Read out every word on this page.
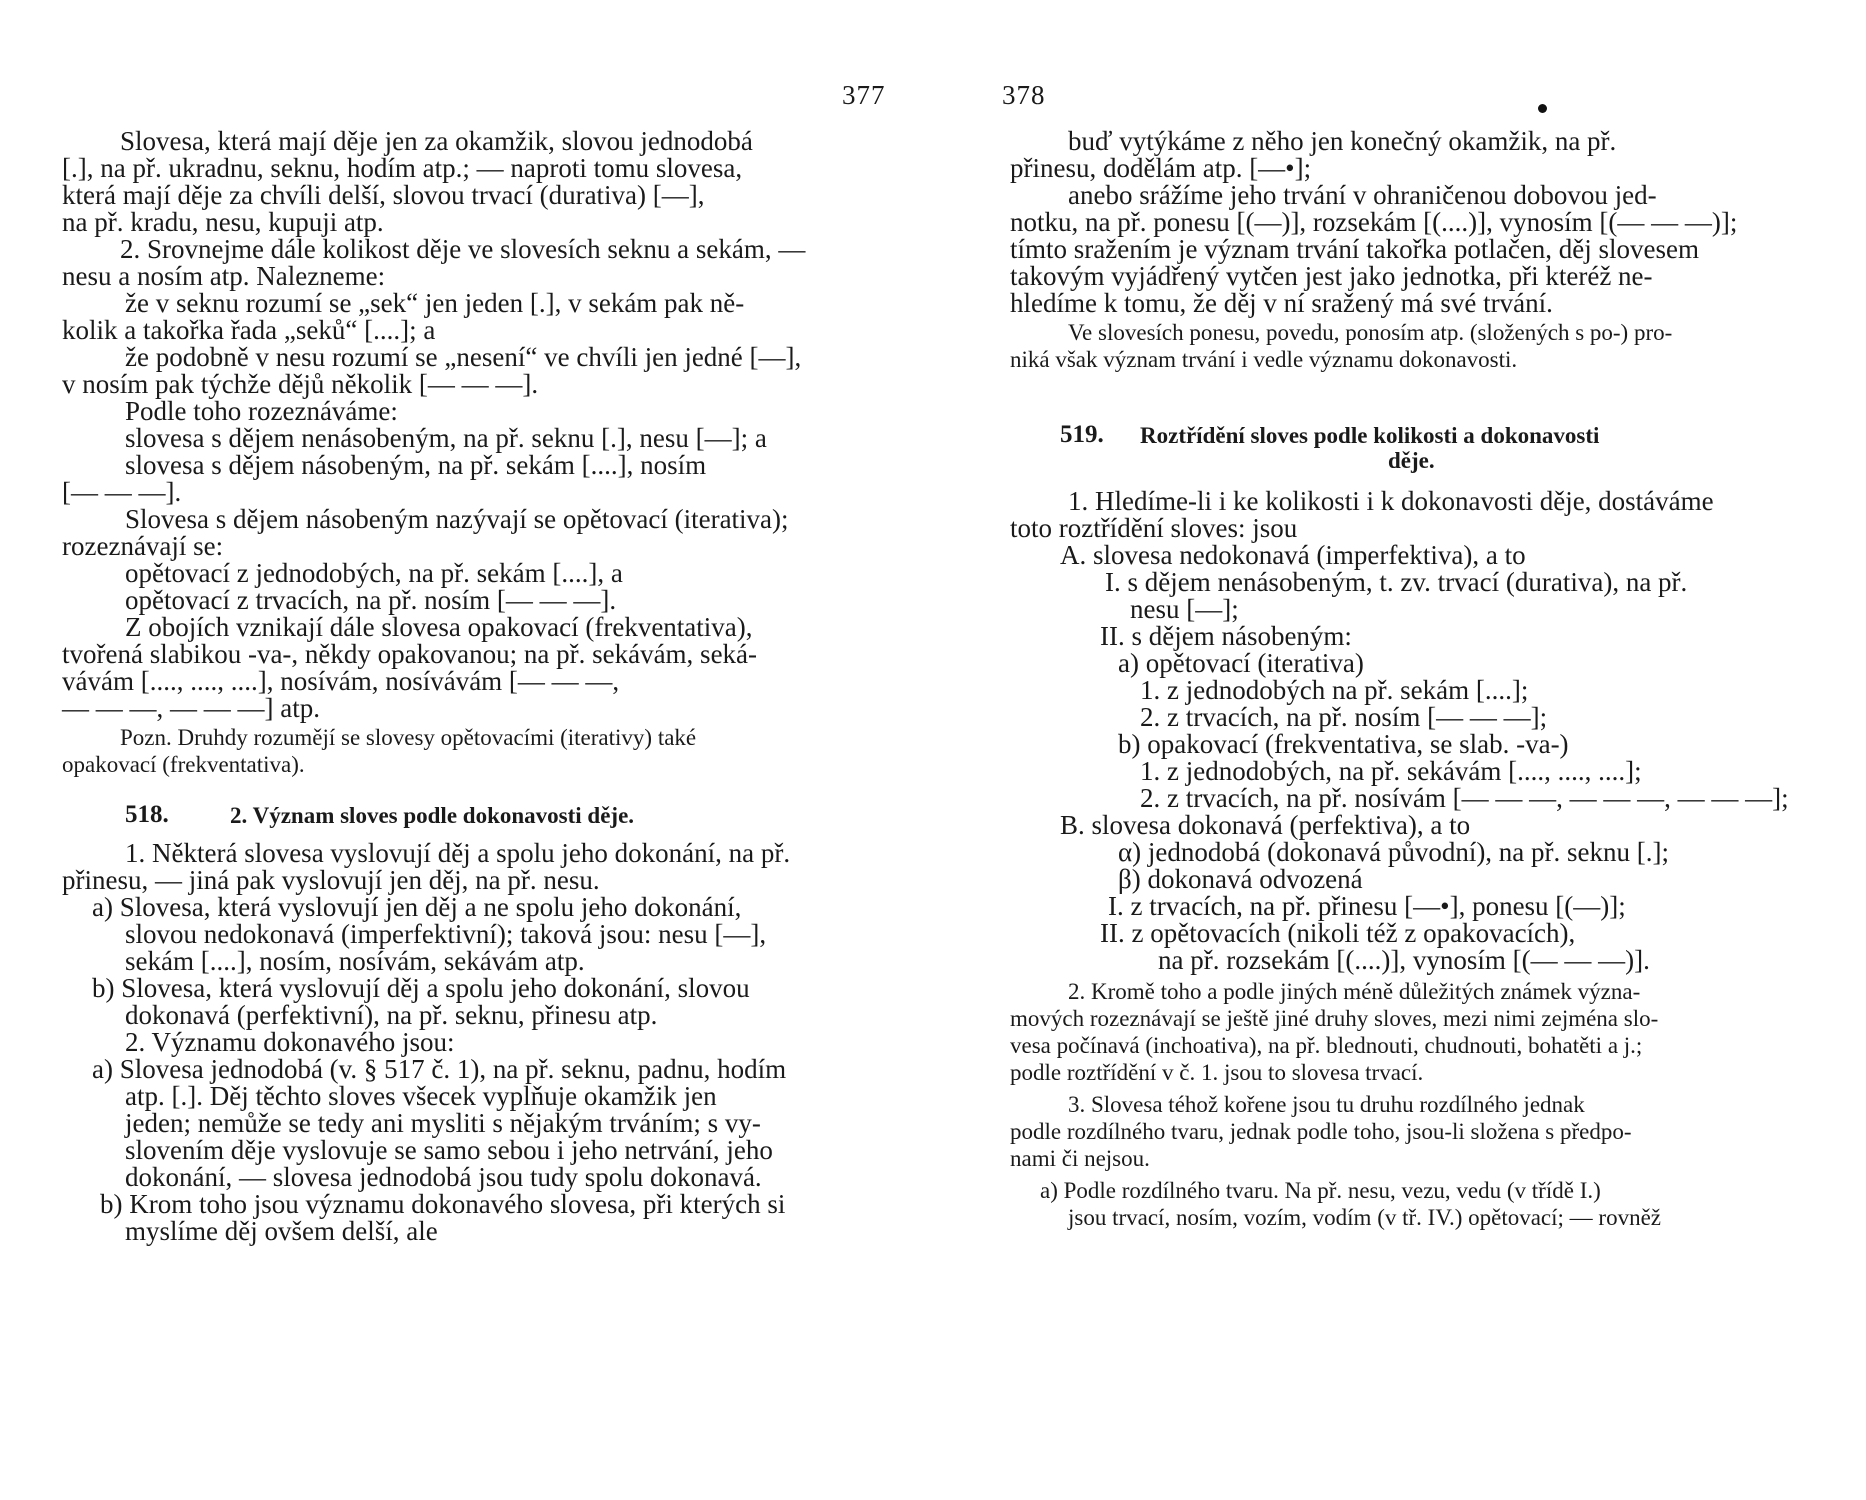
377
Slovesa, která mají děje jen za okamžik, slovou jednodobá
[.], na př. ukradnu, seknu, hodím atp.; — naproti tomu slovesa,
která mají děje za chvíli delší, slovou trvací (durativa) [—],
na př. kradu, nesu, kupuji atp.
2. Srovnejme dále kolikost děje ve slovesích seknu a sekám, —
nesu a nosím atp. Nalezneme:
že v seknu rozumí se „sek“ jen jeden [.], v sekám pak ně-
kolik a takořka řada „seků“ [....]; a
že podobně v nesu rozumí se „nesení“ ve chvíli jen jedné [—],
v nosím pak týchže dějů několik [— — —].
Podle toho rozeznáváme:
slovesa s dějem nenásobeným, na př. seknu [.], nesu [—]; a
slovesa s dějem násobeným, na př. sekám [....], nosím
[— — —].
Slovesa s dějem násobeným nazývají se opětovací (iterativa);
rozeznávají se:
opětovací z jednodobých, na př. sekám [....], a
opětovací z trvacích, na př. nosím [— — —].
Z obojích vznikají dále slovesa opakovací (frekventativa),
tvořená slabikou -va-, někdy opakovanou; na př. sekávám, seká-
vávám [...., ...., ....], nosívám, nosívávám [— — —,
— — —, — — —] atp.
Pozn. Druhdy rozumějí se slovesy opětovacími (iterativy) také
opakovací (frekventativa).
518.	2. Význam sloves podle dokonavosti děje.
1. Některá slovesa vyslovují děj a spolu jeho dokonání, na př.
přinesu, — jiná pak vyslovují jen děj, na př. nesu.
a) Slovesa, která vyslovují jen děj a ne spolu jeho dokonání,
slovou nedokonavá (imperfektivní); taková jsou: nesu [—],
sekám [....], nosím, nosívám, sekávám atp.
b) Slovesa, která vyslovují děj a spolu jeho dokonání, slovou
dokonavá (perfektivní), na př. seknu, přinesu atp.
2. Významu dokonavého jsou:
a) Slovesa jednodobá (v. § 517 č. 1), na př. seknu, padnu, hodím
atp. [.]. Děj těchto sloves všecek vyplňuje okamžik jen
jeden; nemůže se tedy ani mysliti s nějakým trváním; s vy-
slovením děje vyslovuje se samo sebou i jeho netrvání, jeho
dokonání, — slovesa jednodobá jsou tudy spolu dokonavá.
b) Krom toho jsou významu dokonavého slovesa, při kterých si
myslíme děj ovšem delší, ale
378
buď vytýkáme z něho jen konečný okamžik, na př.
přinesu, dodělám atp. [—•];
anebo srážíme jeho trvání v ohraničenou dobovou jed-
notku, na př. ponesu [(—)], rozsekám [(....)], vynosím [(— — —)];
tímto sražením je význam trvání takořka potlačen, děj slovesem
takovým vyjádřený vytčen jest jako jednotka, při kteréž ne-
hledíme k tomu, že děj v ní sražený má své trvání.
Ve slovesích ponesu, povedu, ponosím atp. (složených s po-) pro-
niká však význam trvání i vedle významu dokonavosti.
519. Roztřídění sloves podle kolikosti a dokonavosti
děje.
1. Hledíme-li i ke kolikosti i k dokonavosti děje, dostáváme
toto roztřídění sloves: jsou
A. slovesa nedokonavá (imperfektiva), a to
I. s dějem nenásobeným, t. zv. trvací (durativa), na př.
nesu [—];
II. s dějem násobeným:
a) opětovací (iterativa)
1. z jednodobých na př. sekám [....];
2. z trvacích, na př. nosím [— — —];
b) opakovací (frekventativa, se slab. -va-)
1. z jednodobých, na př. sekávám [...., ...., ....];
2. z trvacích, na př. nosívám [— — —, — — —, — — —];
B. slovesa dokonavá (perfektiva), a to
α) jednodobá (dokonavá původní), na př. seknu [.];
β) dokonavá odvozená
I. z trvacích, na př. přinesu [—•], ponesu [(—)];
II. z opětovacích (nikoli též z opakovacích),
na př. rozsekám [(....)], vynosím [(— — —)].
2. Kromě toho a podle jiných méně důležitých známek význa-
mových rozeznávají se ještě jiné druhy sloves, mezi nimi zejména slo-
vesa počínavá (inchoativa), na př. blednouti, chudnouti, bohatěti a j.;
podle roztřídění v č. 1. jsou to slovesa trvací.
3. Slovesa téhož kořene jsou tu druhu rozdílného jednak
podle rozdílného tvaru, jednak podle toho, jsou-li složena s předpo-
nami či nejsou.
a) Podle rozdílného tvaru. Na př. nesu, vezu, vedu (v třídě I.)
jsou trvací, nosím, vozím, vodím (v tř. IV.) opětovací; — rovněž
